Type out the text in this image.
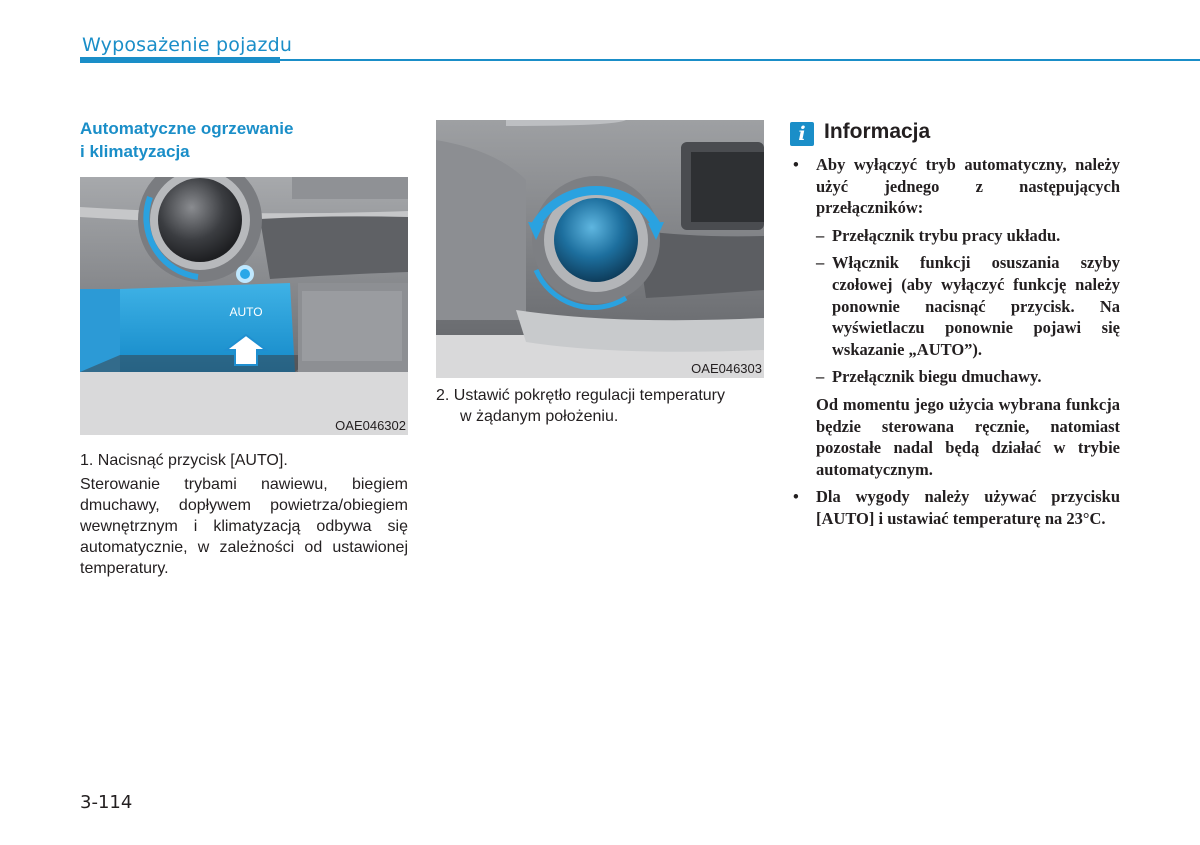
Wyposażenie pojazdu
Automatyczne ogrzewanie
i klimatyzacja
AUTO
OAE046302
1. Nacisnąć przycisk [AUTO].
Sterowanie trybami nawiewu, biegiem dmuchawy, dopływem powietrza/obiegiem wewnętrznym i klimatyzacją odbywa się automatycznie, w zależności od ustawionej temperatury.
OAE046303
2. Ustawić pokrętło regulacji temperatury
w żądanym położeniu.
i Informacja
• Aby wyłączyć tryb automatyczny, należy użyć jednego z następujących przełączników:
– Przełącznik trybu pracy układu.
– Włącznik funkcji osuszania szyby czołowej (aby wyłączyć funkcję należy ponownie nacisnąć przycisk. Na wyświetlaczu ponownie pojawi się wskazanie „AUTO”).
– Przełącznik biegu dmuchawy.
Od momentu jego użycia wybrana funkcja będzie sterowana ręcznie, natomiast pozostałe nadal będą działać w trybie automatycznym.
• Dla wygody należy używać przycisku [AUTO] i ustawiać temperaturę na 23°C.
3-114
